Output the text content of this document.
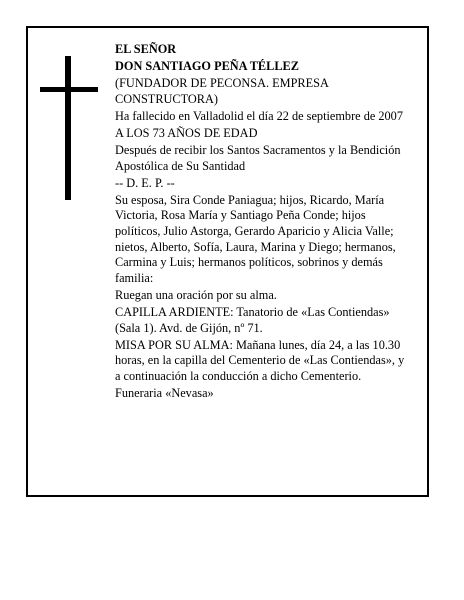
EL SEÑOR

DON SANTIAGO PEÑA TÉLLEZ

(FUNDADOR DE PECONSA. EMPRESA CONSTRUCTORA)

Ha fallecido en Valladolid el día 22 de septiembre de 2007

A LOS 73 AÑOS DE EDAD

Después de recibir los Santos Sacramentos y la Bendición Apostólica de Su Santidad

-- D. E. P. --

Su esposa, Sira Conde Paniagua; hijos, Ricardo, María Victoria, Rosa María y Santiago Peña Conde; hijos políticos, Julio Astorga, Gerardo Aparicio y Alicia Valle; nietos, Alberto, Sofía, Laura, Marina y Diego; hermanos, Carmina y Luis; hermanos políticos, sobrinos y demás familia:

Ruegan una oración por su alma.

CAPILLA ARDIENTE: Tanatorio de «Las Contiendas» (Sala 1). Avd. de Gijón, nº 71.

MISA POR SU ALMA: Mañana lunes, día 24, a las 10.30 horas, en la capilla del Cementerio de «Las Contiendas», y a continuación la conducción a dicho Cementerio.

Funeraria «Nevasa»
